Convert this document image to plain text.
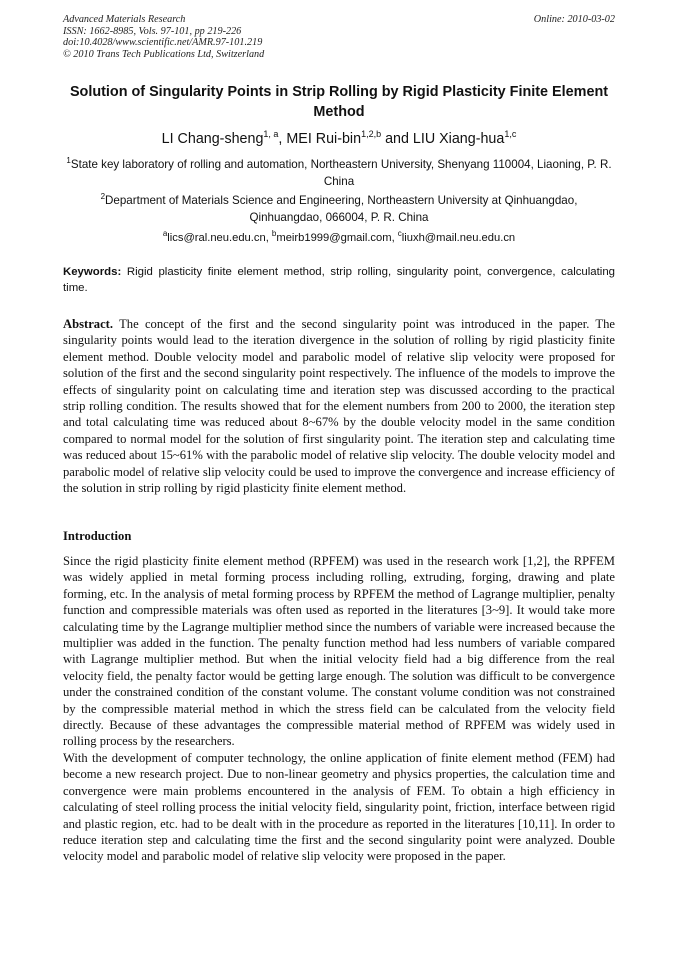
Advanced Materials Research
ISSN: 1662-8985, Vols. 97-101, pp 219-226
doi:10.4028/www.scientific.net/AMR.97-101.219
© 2010 Trans Tech Publications Ltd, Switzerland
Online: 2010-03-02
Solution of Singularity Points in Strip Rolling by Rigid Plasticity Finite Element Method
LI Chang-sheng$^{1, a}$, MEI Rui-bin$^{1,2,b}$ and LIU Xiang-hua$^{1,c}$
$^1$State key laboratory of rolling and automation, Northeastern University, Shenyang 110004, Liaoning, P. R. China
$^2$Department of Materials Science and Engineering, Northeastern University at Qinhuangdao, Qinhuangdao, 066004, P. R. China
$^a$lics@ral.neu.edu.cn, $^b$meirb1999@gmail.com, $^c$liuxh@mail.neu.edu.cn
Keywords: Rigid plasticity finite element method, strip rolling, singularity point, convergence, calculating time.
Abstract. The concept of the first and the second singularity point was introduced in the paper. The singularity points would lead to the iteration divergence in the solution of rolling by rigid plasticity finite element method. Double velocity model and parabolic model of relative slip velocity were proposed for solution of the first and the second singularity point respectively. The influence of the models to improve the effects of singularity point on calculating time and iteration step was discussed according to the practical strip rolling condition. The results showed that for the element numbers from 200 to 2000, the iteration step and total calculating time was reduced about 8~67% by the double velocity model in the same condition compared to normal model for the solution of first singularity point. The iteration step and calculating time was reduced about 15~61% with the parabolic model of relative slip velocity. The double velocity model and parabolic model of relative slip velocity could be used to improve the convergence and increase efficiency of the solution in strip rolling by rigid plasticity finite element method.
Introduction

Since the rigid plasticity finite element method (RPFEM) was used in the research work [1,2], the RPFEM was widely applied in metal forming process including rolling, extruding, forging, drawing and plate forming, etc. In the analysis of metal forming process by RPFEM the method of Lagrange multiplier, penalty function and compressible materials was often used as reported in the literatures [3~9]. It would take more calculating time by the Lagrange multiplier method since the numbers of variable were increased because the multiplier was added in the function. The penalty function method had less numbers of variable compared with Lagrange multiplier method. But when the initial velocity field had a big difference from the real velocity field, the penalty factor would be getting large enough. The solution was difficult to be convergence under the constrained condition of the constant volume. The constant volume condition was not constrained by the compressible material method in which the stress field can be calculated from the velocity field directly. Because of these advantages the compressible material method of RPFEM was widely used in rolling process by the researchers.

With the development of computer technology, the online application of finite element method (FEM) had become a new research project. Due to non-linear geometry and physics properties, the calculation time and convergence were main problems encountered in the analysis of FEM. To obtain a high efficiency in calculating of steel rolling process the initial velocity field, singularity point, friction, interface between rigid and plastic region, etc. had to be dealt with in the procedure as reported in the literatures [10,11]. In order to reduce iteration step and calculating time the first and the second singularity point were analyzed. Double velocity model and parabolic model of relative slip velocity were proposed in the paper.
